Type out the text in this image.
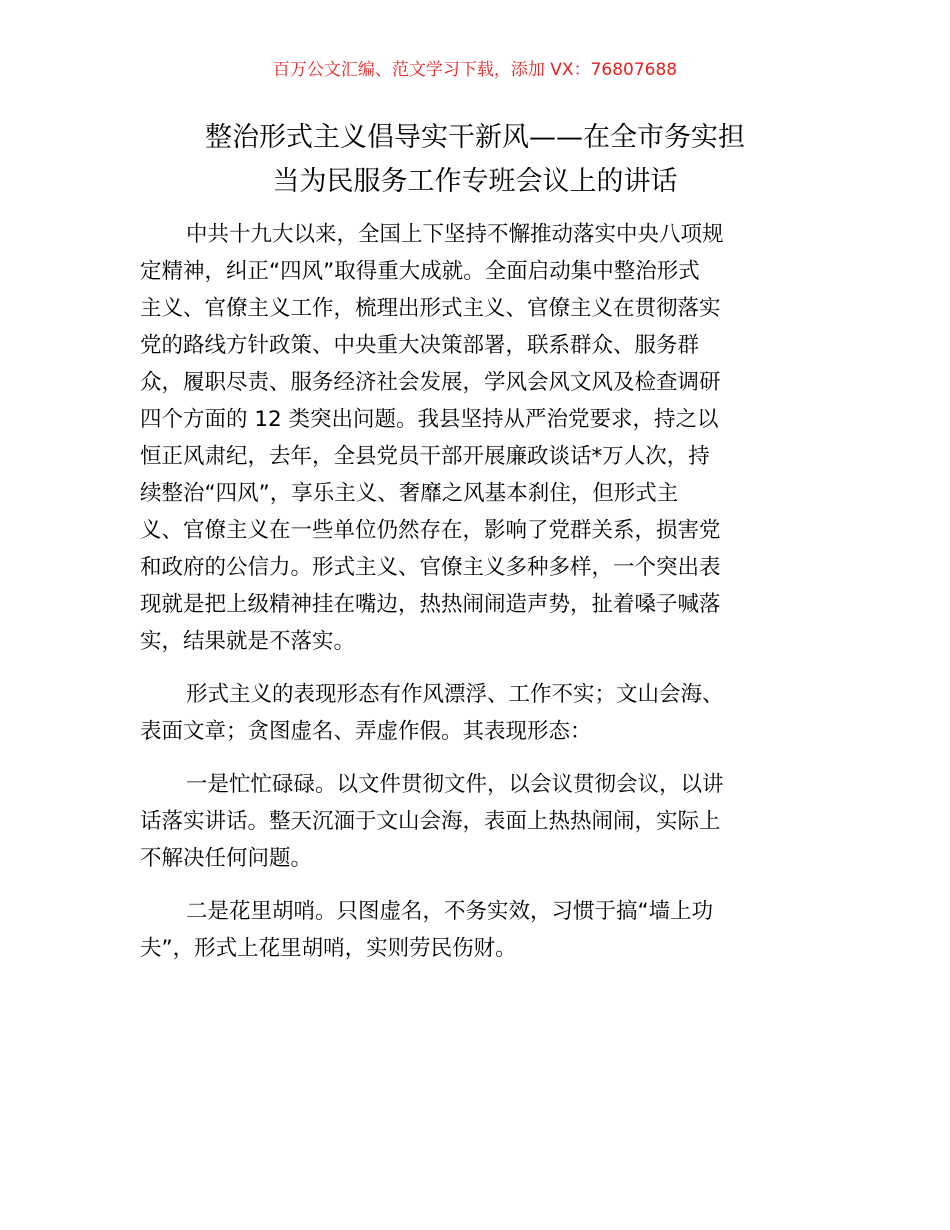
百万公文汇编、范文学习下载，添加 VX：76807688
整治形式主义倡导实干新风——在全市务实担
当为民服务工作专班会议上的讲话
中共十九大以来，全国上下坚持不懈推动落实中央八项规
定精神，纠正“四风”取得重大成就。全面启动集中整治形式
主义、官僚主义工作，梳理出形式主义、官僚主义在贯彻落实
党的路线方针政策、中央重大决策部署，联系群众、服务群
众，履职尽责、服务经济社会发展，学风会风文风及检查调研
四个方面的 12 类突出问题。我县坚持从严治党要求，持之以
恒正风肃纪，去年，全县党员干部开展廉政谈话*万人次，持
续整治“四风”，享乐主义、奢靡之风基本刹住，但形式主
义、官僚主义在一些单位仍然存在，影响了党群关系，损害党
和政府的公信力。形式主义、官僚主义多种多样，一个突出表
现就是把上级精神挂在嘴边，热热闹闹造声势，扯着嗓子喊落
实，结果就是不落实。
形式主义的表现形态有作风漂浮、工作不实；文山会海、
表面文章；贪图虚名、弄虚作假。其表现形态：
一是忙忙碌碌。以文件贯彻文件，以会议贯彻会议，以讲
话落实讲话。整天沉湎于文山会海，表面上热热闹闹，实际上
不解决任何问题。
二是花里胡哨。只图虚名，不务实效，习惯于搞“墙上功
夫”，形式上花里胡哨，实则劳民伤财。
